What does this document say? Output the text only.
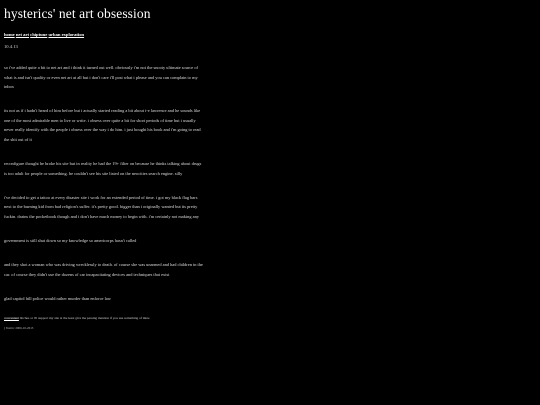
hysterics' net art obsession
home net art chiptune urban exploration
10.4.13

so i've added quite a bit to net art and i think it turned out well. obviously i'm not the snooty ultimate source of what is and isn't quality or even net art at all but i don't care i'll post what i please and you can complain to my inbox

its not as if i hadn't heard of him before but i actually started reading a bit about i-e lawrence and he sounds like one of the most admirable men to live or write. i obsess over quite a bit for short periods of time but i usually never really identify with the people i obsess over the way i do him. i just bought his book and i'm going to read the shit out of it

reconfigure thought he broke his site but in reality he had the 19+ filter on because he thinks talking about drugs is too adult for people or something. he couldn't see his site listed on the neocities search engine. silly

i've decided to get a tattoo at every disaster site i work for an extended period of time. i got my black flag bars next to the burning kid from bad religion's suffer. it's pretty good. bigger than i originally wanted but its pretty fuckin. drains the pocketbook though and i don't have much money to begin with. i'm certainly not making any

government is still shut down so my knowledge so americorps hasn't called

and they shot a woman who was driving wrecklessly to death. of course she was unarmed and had children in the car. of course they didn't use the dozens of car incapacitating devices and techniques that exist

glad capitol hill police would rather murder than enforce law

convenient bitches or i'll support my site at the least give me passing mention if you use something of mine
( hvsttrc 2006-10-2013
